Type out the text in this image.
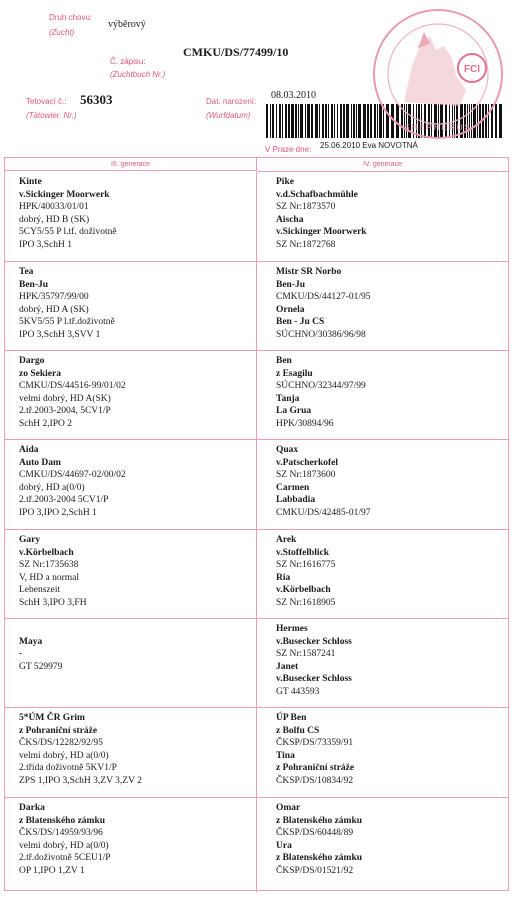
Druh chovu:
(Zucht)
výběrový
Č. zápisu:
(Zuchtbuch Nr.)
CMKU/DS/77499/10
Tetovací č.:
(Tätowier. Nr.)
56303	Dat. narození:
(Wurfdatum)
08.03.2010
V Praze dne: 25.06.2010 Eva NOVOTNÁ
FCI
SHEPHERDS
III. generace	IV. generace
Kinte
v.Sickinger Moorwerk
HPK/40033/01/01
dobrý, HD B (SK)
5CY5/55 P l.tf. doživotně
IPO 3,SchH 1
Pike
v.d.Schafbachmühle
SZ Nr:1873570
Aischa
v.Sickinger Moorwerk
SZ Nr:1872768
Tea
Ben-Ju
HPK/35797/99/00
dobrý, HD A (SK)
5KV5/55 P l.tř.doživotně
IPO 3,SchH 3,SVV 1
Mistr SR Norbo
Ben-Ju
CMKU/DS/44127-01/95
Ornela
Ben - Ju CS
SÚCHNO/30386/96/98
Dargo
zo Sekiera
CMKU/DS/44516-99/01/02
velmi dobrý, HD A(SK)
2.tř.2003-2004, 5CV1/P
SchH 2,IPO 2
Ben
z Esagilu
SÚCHNO/32344/97/99
Tanja
La Grua
HPK/30894/96
Aida
Auto Dam
CMKU/DS/44697-02/00/02
dobrý, HD a(0/0)
2.tř.2003-2004 5CV1/P
IPO 3,IPO 2,SchH 1
Quax
v.Patscherkofel
SZ Nr:1873600
Carmen
Labbadia
CMKU/DS/42485-01/97
Gary
v.Körbelbach
SZ Nr:1735638
V, HD a normal
Lebenszeit
SchH 3,IPO 3,FH
Arek
v.Stoffelblick
SZ Nr:1616775
Ria
v.Körbelbach
SZ Nr:1618905

Maya
-
GT 529979
Hermes
v.Busecker Schloss
SZ Nr:1587241
Janet
v.Busecker Schloss
GT 443593
5*ÚM ČR Grim
z Pohraniční stráže
ČKS/DS/12282/92/95
velmi dobrý, HD a(0/0)
2.třída doživotně 5KV1/P
ZPS 1,IPO 3,SchH 3,ZV 3,ZV 2
ÚP Ben
z Bolfu CS
ČKSP/DS/73359/91
Tina
z Pohraniční stráže
ČKSP/DS/10834/92
Darka
z Blatenského zámku
ČKS/DS/14959/93/96
velmi dobrý, HD a(0/0)
2.tř.doživotně 5CEU1/P
OP 1,IPO 1,ZV 1
Omar
z Blatenského zámku
ČKSP/DS/60448/89
Ura
z Blatenského zámku
ČKSP/DS/01521/92
